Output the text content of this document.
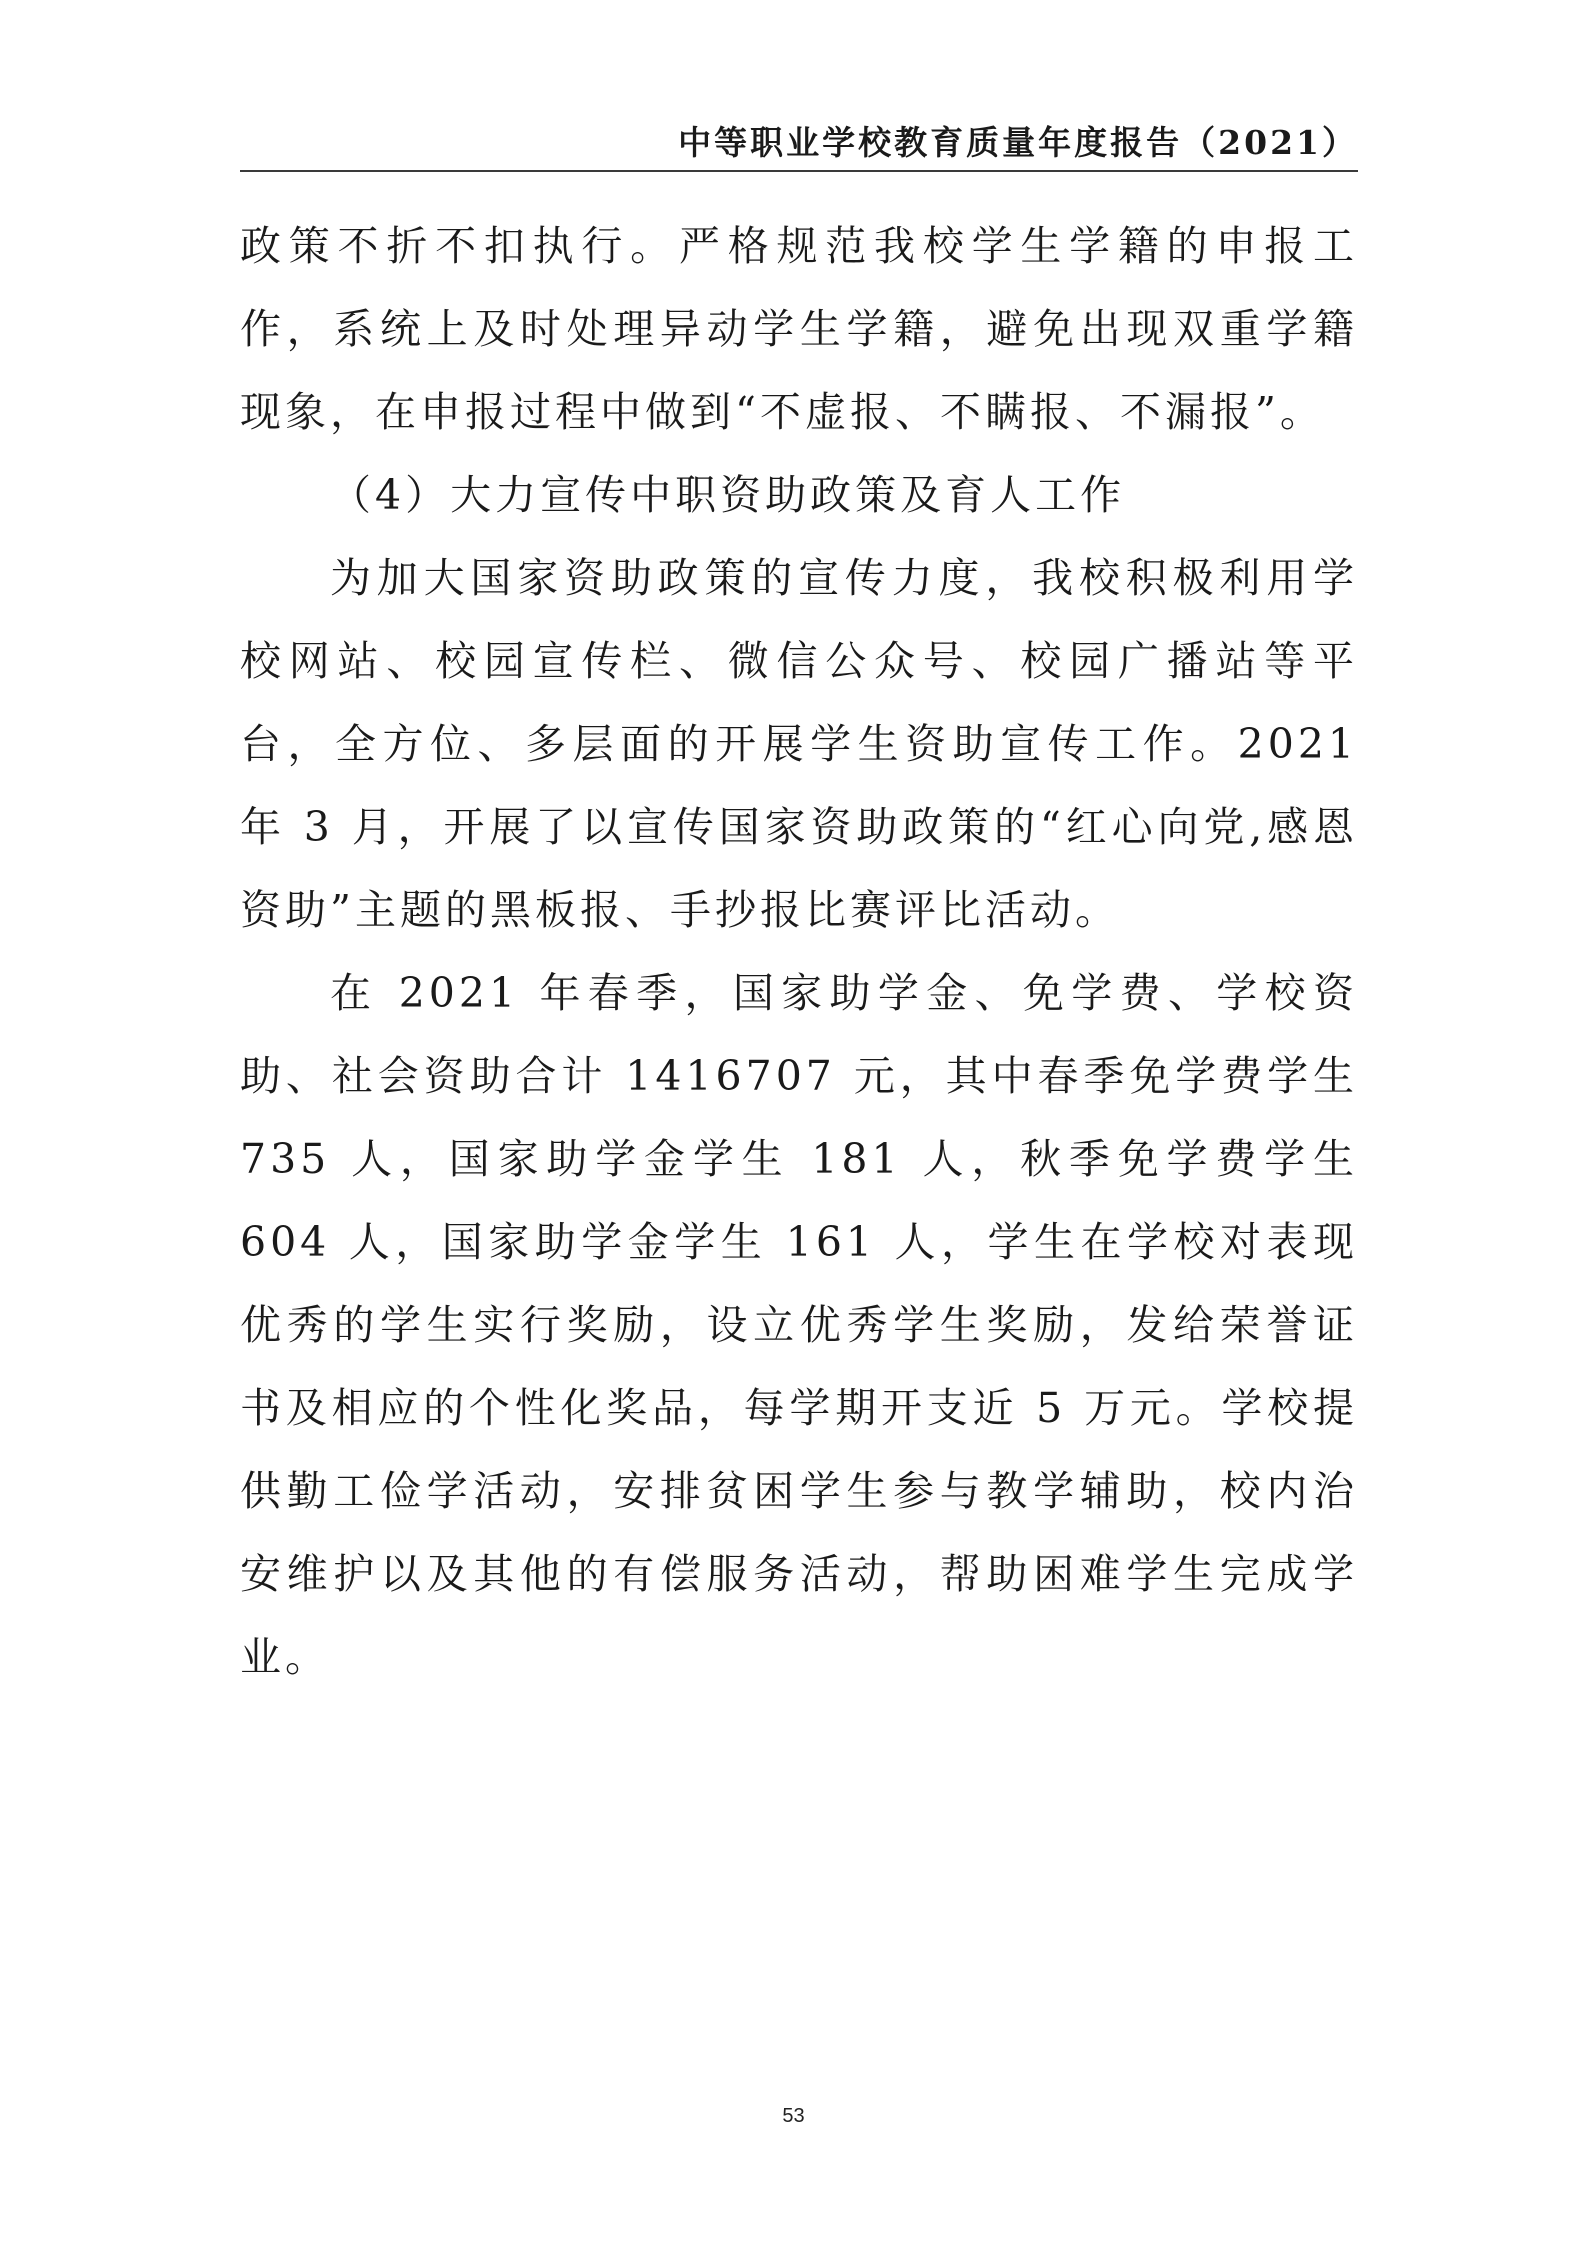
中等职业学校教育质量年度报告（2021）

政策不折不扣执行。严格规范我校学生学籍的申报工作，系统上及时处理异动学生学籍，避免出现双重学籍现象，在申报过程中做到“不虚报、不瞒报、不漏报”。

（4）大力宣传中职资助政策及育人工作

为加大国家资助政策的宣传力度，我校积极利用学校网站、校园宣传栏、微信公众号、校园广播站等平台，全方位、多层面的开展学生资助宣传工作。2021 年 3 月，开展了以宣传国家资助政策的“红心向党,感恩资助”主题的黑板报、手抄报比赛评比活动。

在 2021 年春季，国家助学金、免学费、学校资助、社会资助合计 1416707 元，其中春季免学费学生 735 人，国家助学金学生 181 人，秋季免学费学生 604 人，国家助学金学生 161 人，学生在学校对表现优秀的学生实行奖励，设立优秀学生奖励，发给荣誉证书及相应的个性化奖品，每学期开支近 5 万元。学校提供勤工俭学活动，安排贫困学生参与教学辅助，校内治安维护以及其他的有偿服务活动，帮助困难学生完成学业。

53
